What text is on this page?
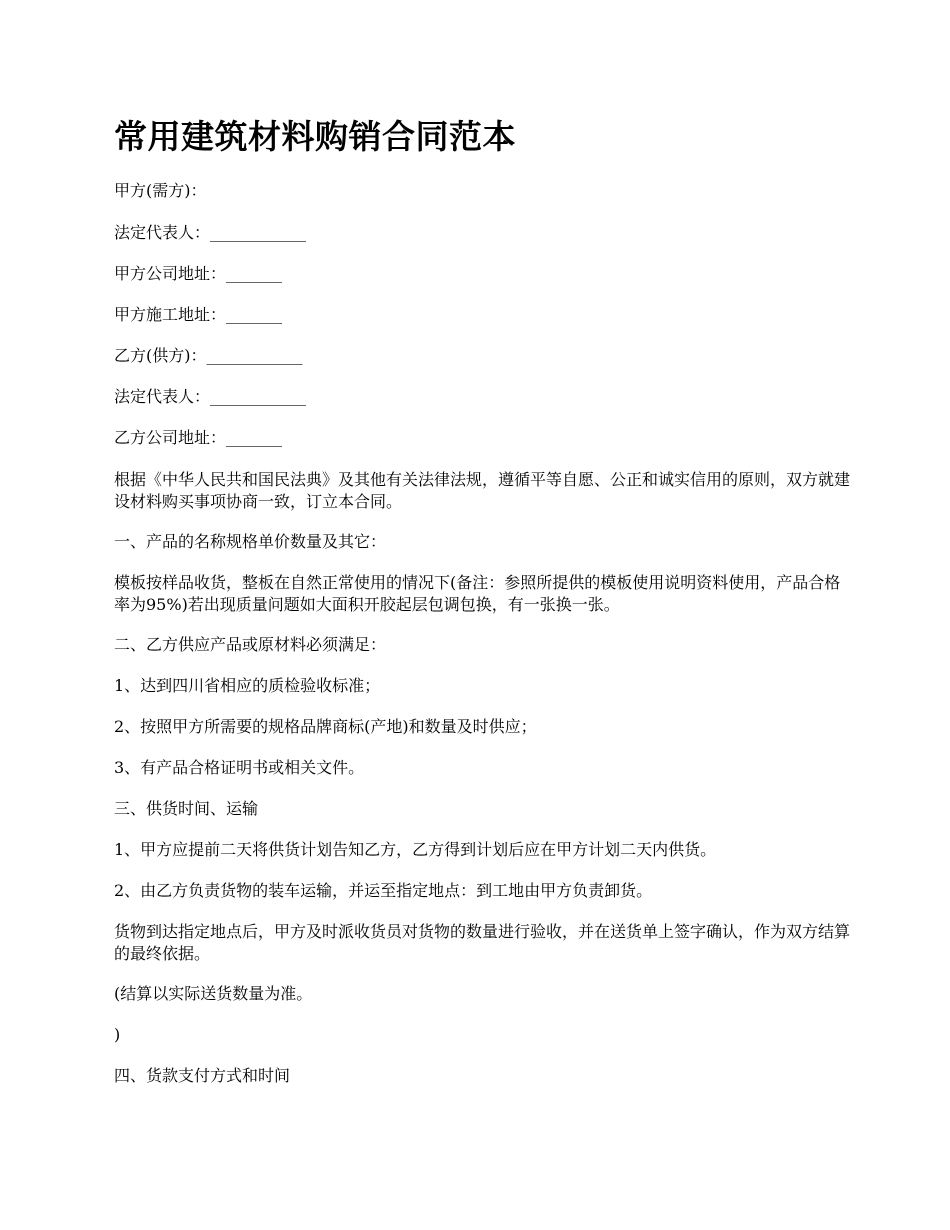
常用建筑材料购销合同范本

甲方(需方)：

法定代表人：____________

甲方公司地址：_______

甲方施工地址：_______

乙方(供方)：____________

法定代表人：____________

乙方公司地址：_______

根据《中华人民共和国民法典》及其他有关法律法规，遵循平等自愿、公正和诚实信用的原则，双方就建设材料购买事项协商一致，订立本合同。

一、产品的名称规格单价数量及其它：

模板按样品收货，整板在自然正常使用的情况下(备注：参照所提供的模板使用说明资料使用，产品合格率为95%)若出现质量问题如大面积开胶起层包调包换，有一张换一张。

二、乙方供应产品或原材料必须满足：

1、达到四川省相应的质检验收标准；

2、按照甲方所需要的规格品牌商标(产地)和数量及时供应；

3、有产品合格证明书或相关文件。

三、供货时间、运输

1、甲方应提前二天将供货计划告知乙方，乙方得到计划后应在甲方计划二天内供货。

2、由乙方负责货物的装车运输，并运至指定地点：到工地由甲方负责卸货。

货物到达指定地点后，甲方及时派收货员对货物的数量进行验收，并在送货单上签字确认，作为双方结算的最终依据。

(结算以实际送货数量为准。

)

四、货款支付方式和时间
